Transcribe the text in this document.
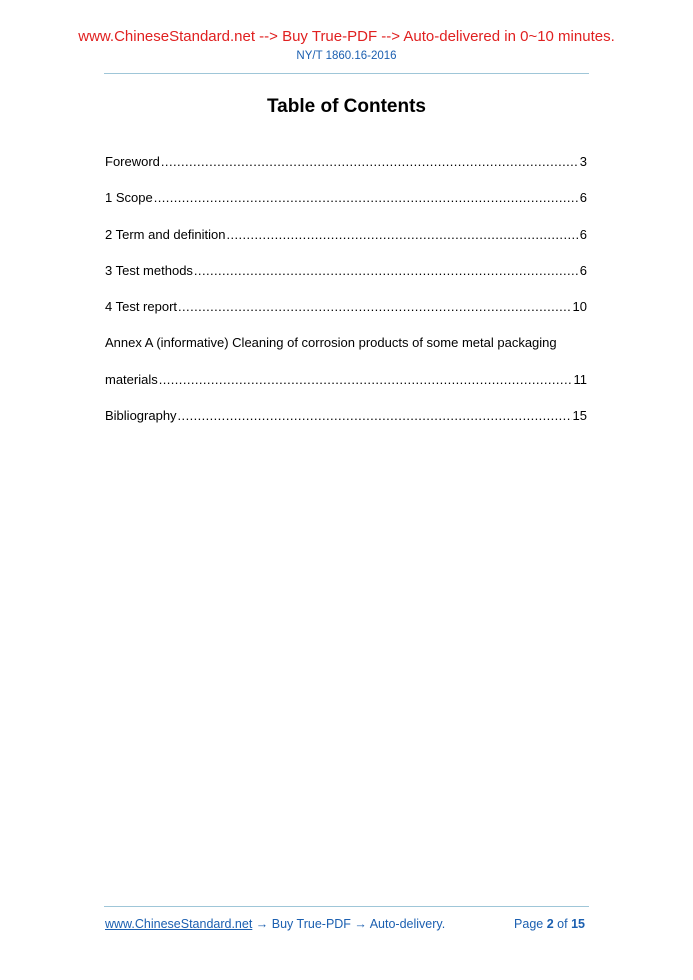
www.ChineseStandard.net --> Buy True-PDF --> Auto-delivered in 0~10 minutes.
NY/T 1860.16-2016
Table of Contents
Foreword .....	3
1 Scope .....	6
2 Term and definition .....	6
3 Test methods .....	6
4 Test report .....	10
Annex A (informative) Cleaning of corrosion products of some metal packaging
materials .....	11
Bibliography .....	15
www.ChineseStandard.net → Buy True-PDF → Auto-delivery.	Page 2 of 15
